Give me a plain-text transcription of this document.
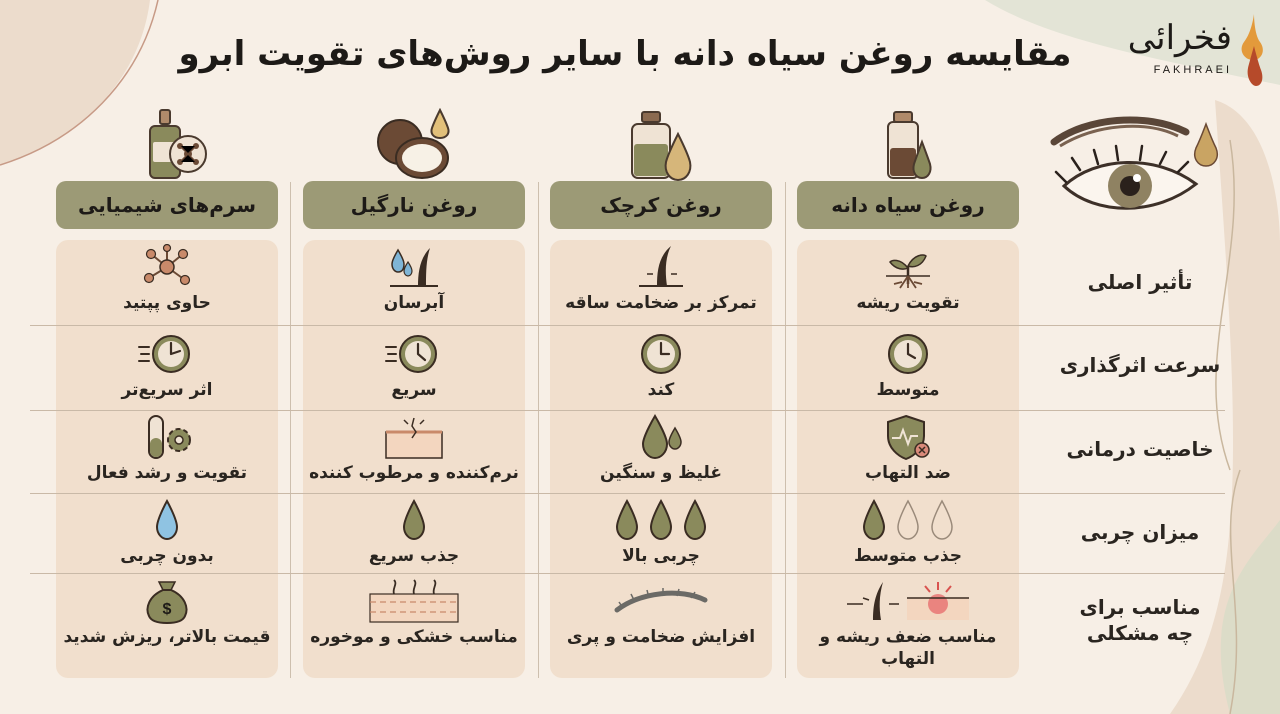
مقایسه روغن سیاه دانه با سایر روش‌های تقویت ابرو	فخرائی
FAKHRAEI
روغن سیاه دانه
روغن کرچک
روغن نارگیل
سرم‌های شیمیایی
تأثیر اصلی
سرعت اثرگذاری
خاصیت درمانی
میزان چربی
مناسب برای چه مشکلی
تقویت ریشه
تمرکز بر ضخامت ساقه
آبرسان
حاوی پپتید
متوسط
کند
سریع
اثر سریع‌تر
ضد التهاب
غلیظ و سنگین
نرم‌کننده و مرطوب کننده
تقویت و رشد فعال
جذب متوسط
چربی بالا
جذب سریع
بدون چربی
مناسب ضعف ریشه و التهاب
افزایش ضخامت و پری
مناسب خشکی و موخوره
$
قیمت بالاتر، ریزش شدید
